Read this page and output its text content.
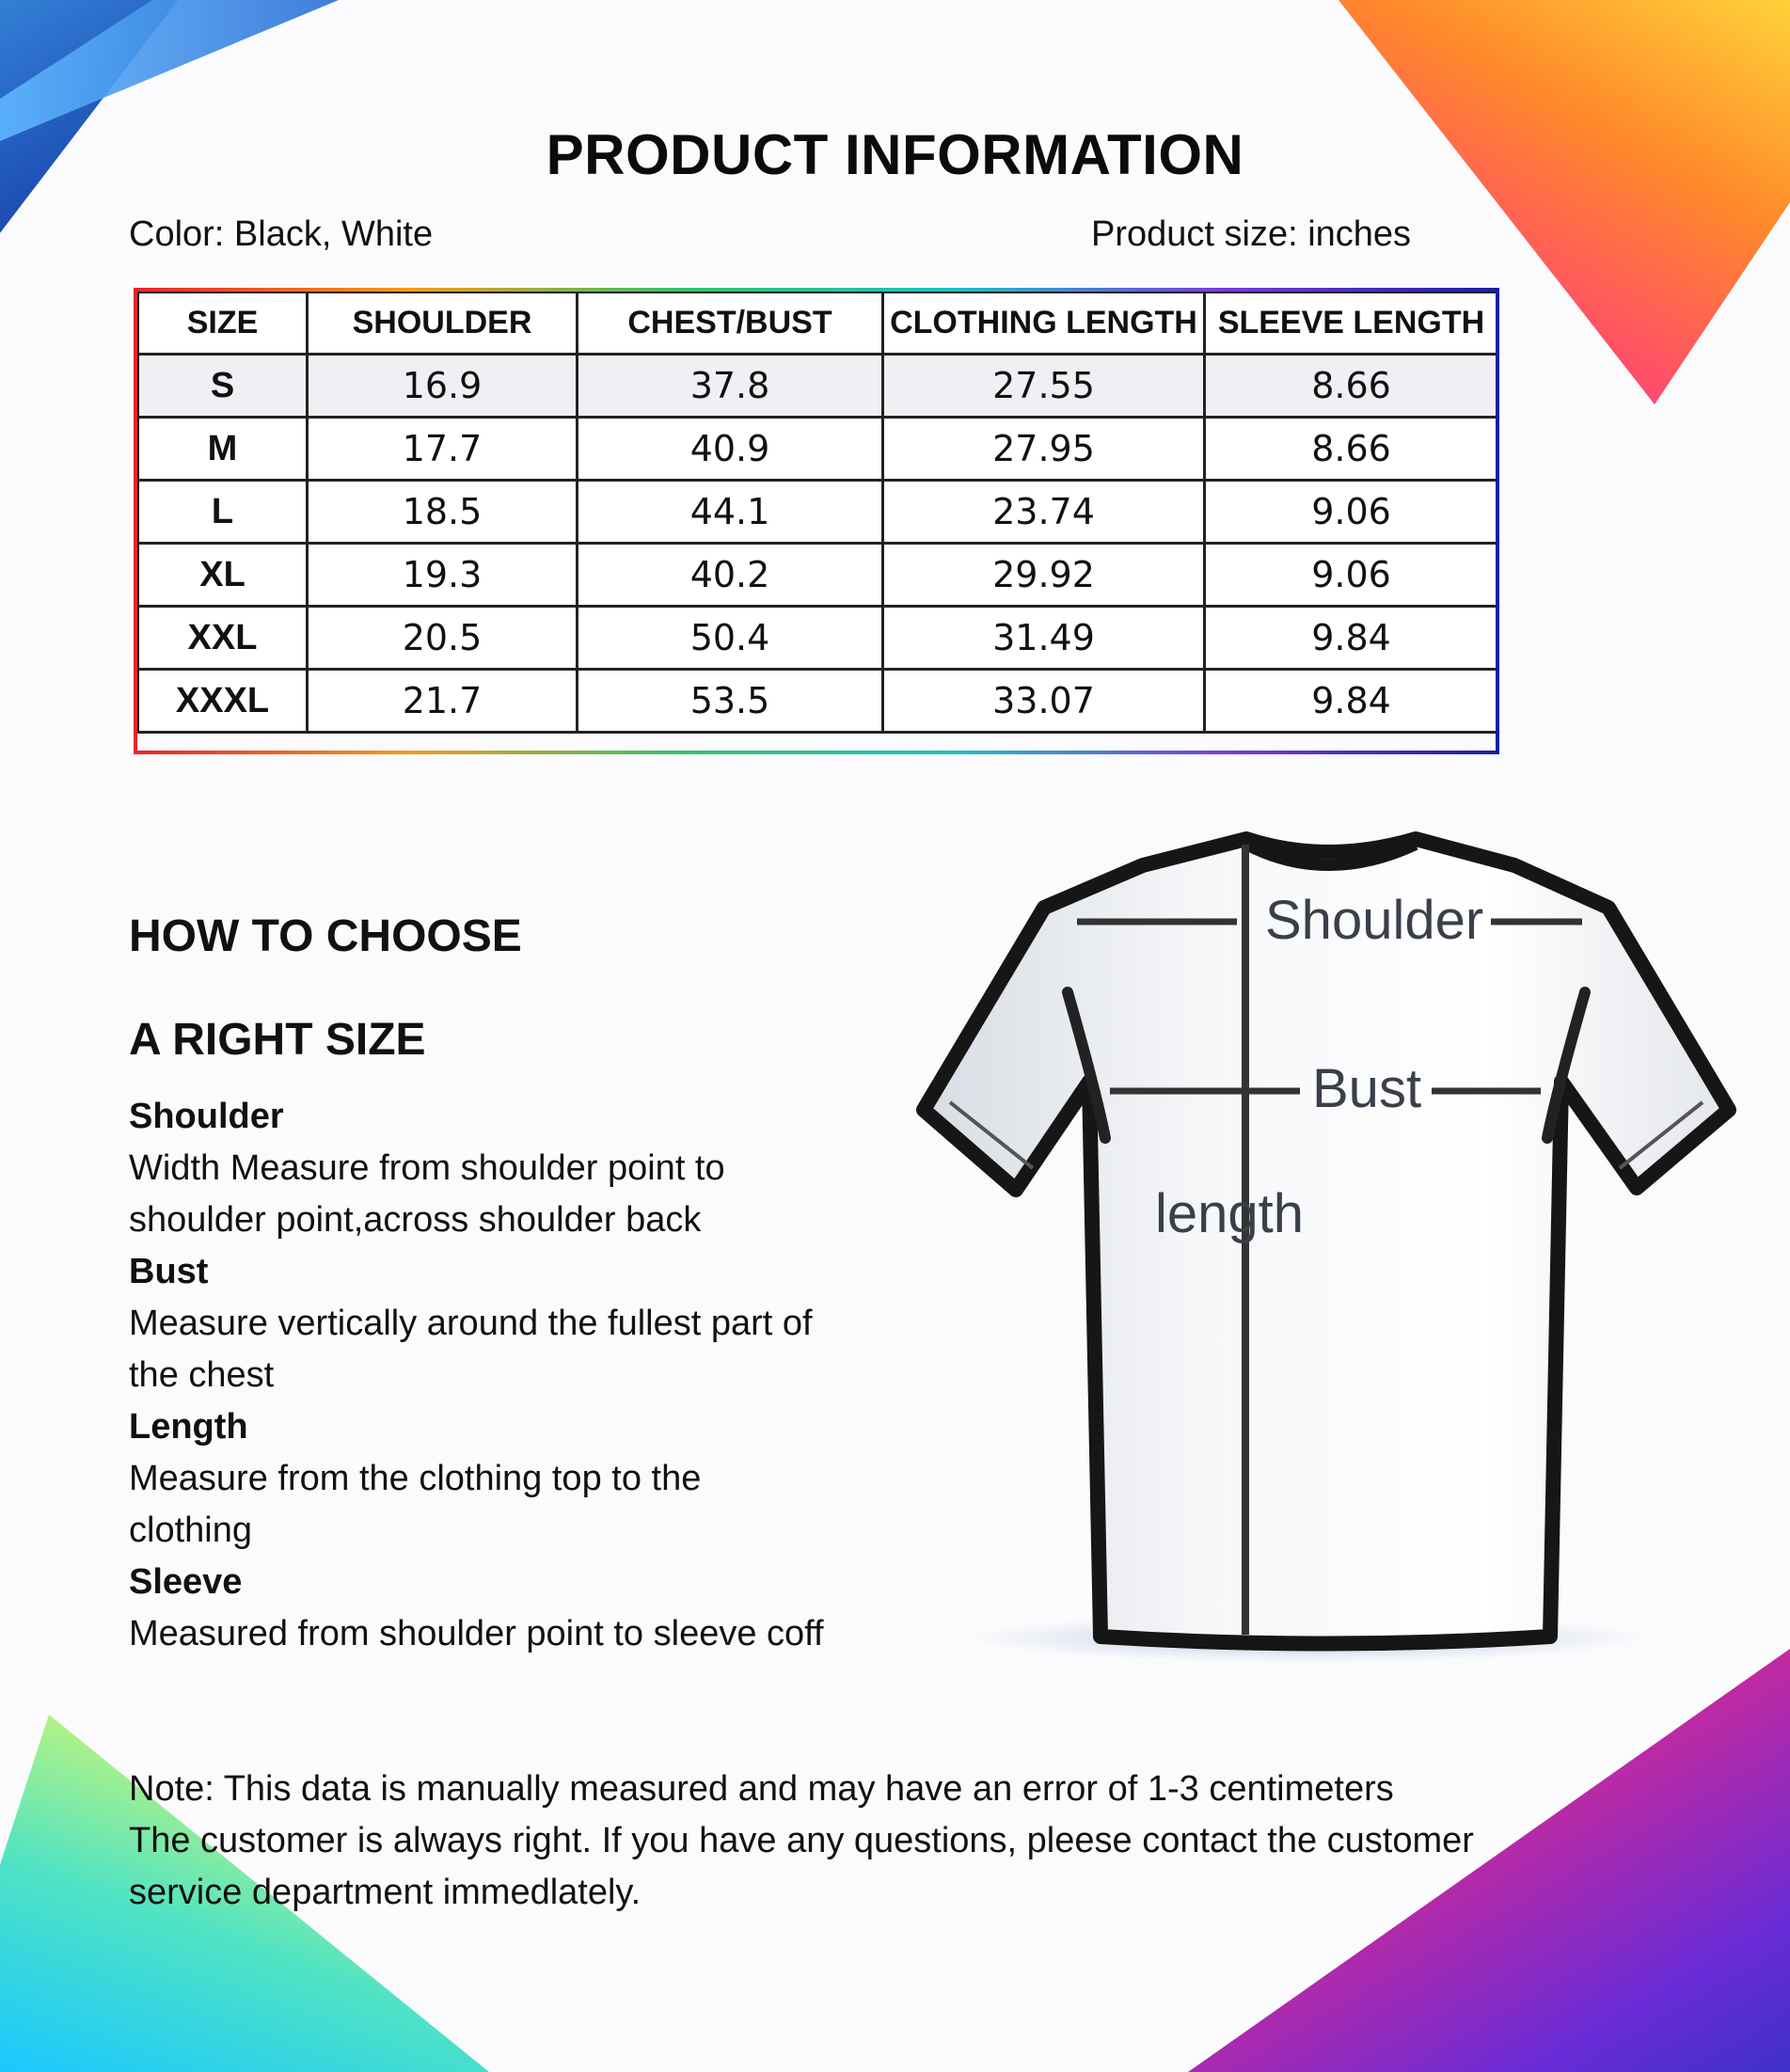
PRODUCT INFORMATION
Color: Black, White	Product size: inches
SIZE	SHOULDER	CHEST/BUST	CLOTHING LENGTH	SLEEVE LENGTH
S	16.9	37.8	27.55	8.66
M	17.7	40.9	27.95	8.66
L	18.5	44.1	23.74	9.06
XL	19.3	40.2	29.92	9.06
XXL	20.5	50.4	31.49	9.84
XXXL	21.7	53.5	33.07	9.84
HOW TO CHOOSE
A RIGHT SIZE
Shoulder
Width Measure from shoulder point to
shoulder point,across shoulder back
Bust
Measure vertically around the fullest part of
the chest
Length
Measure from the clothing top to the
clothing
Sleeve
Measured from shoulder point to sleeve coff
Shoulder
Bust
length
Note: This data is manually measured and may have an error of 1-3 centimeters
The customer is always right. If you have any questions, pleese contact the customer
service department immedlately.
